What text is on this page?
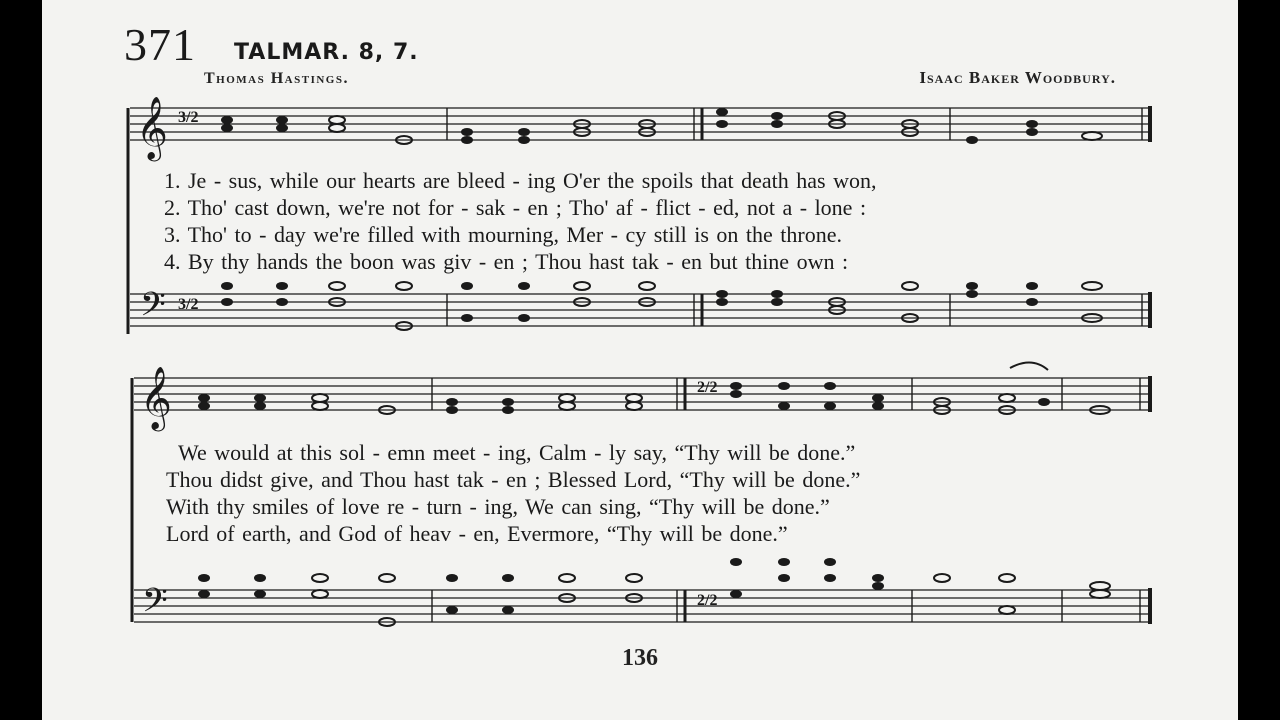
371 TALMAR. 8, 7.
Thomas Hastings.	Isaac Baker Woodbury.
𝄞
𝄢
3/2
3/2
𝄞
𝄢
2/2
2/2
1. Je - sus, while our hearts are bleed - ing O'er the spoils that death has won,
2. Tho' cast down, we're not for - sak - en ; Tho' af - flict - ed, not a - lone :
3. Tho' to - day we're filled with mourning, Mer - cy still is on the throne.
4. By thy hands the boon was giv - en ; Thou hast tak - en but thine own :
We would at this sol - emn meet - ing, Calm - ly say, “Thy will be done.”
Thou didst give, and Thou hast tak - en ; Blessed Lord, “Thy will be done.”
With thy smiles of love re - turn - ing, We can sing, “Thy will be done.”
Lord of earth, and God of heav - en, Evermore, “Thy will be done.”
136
